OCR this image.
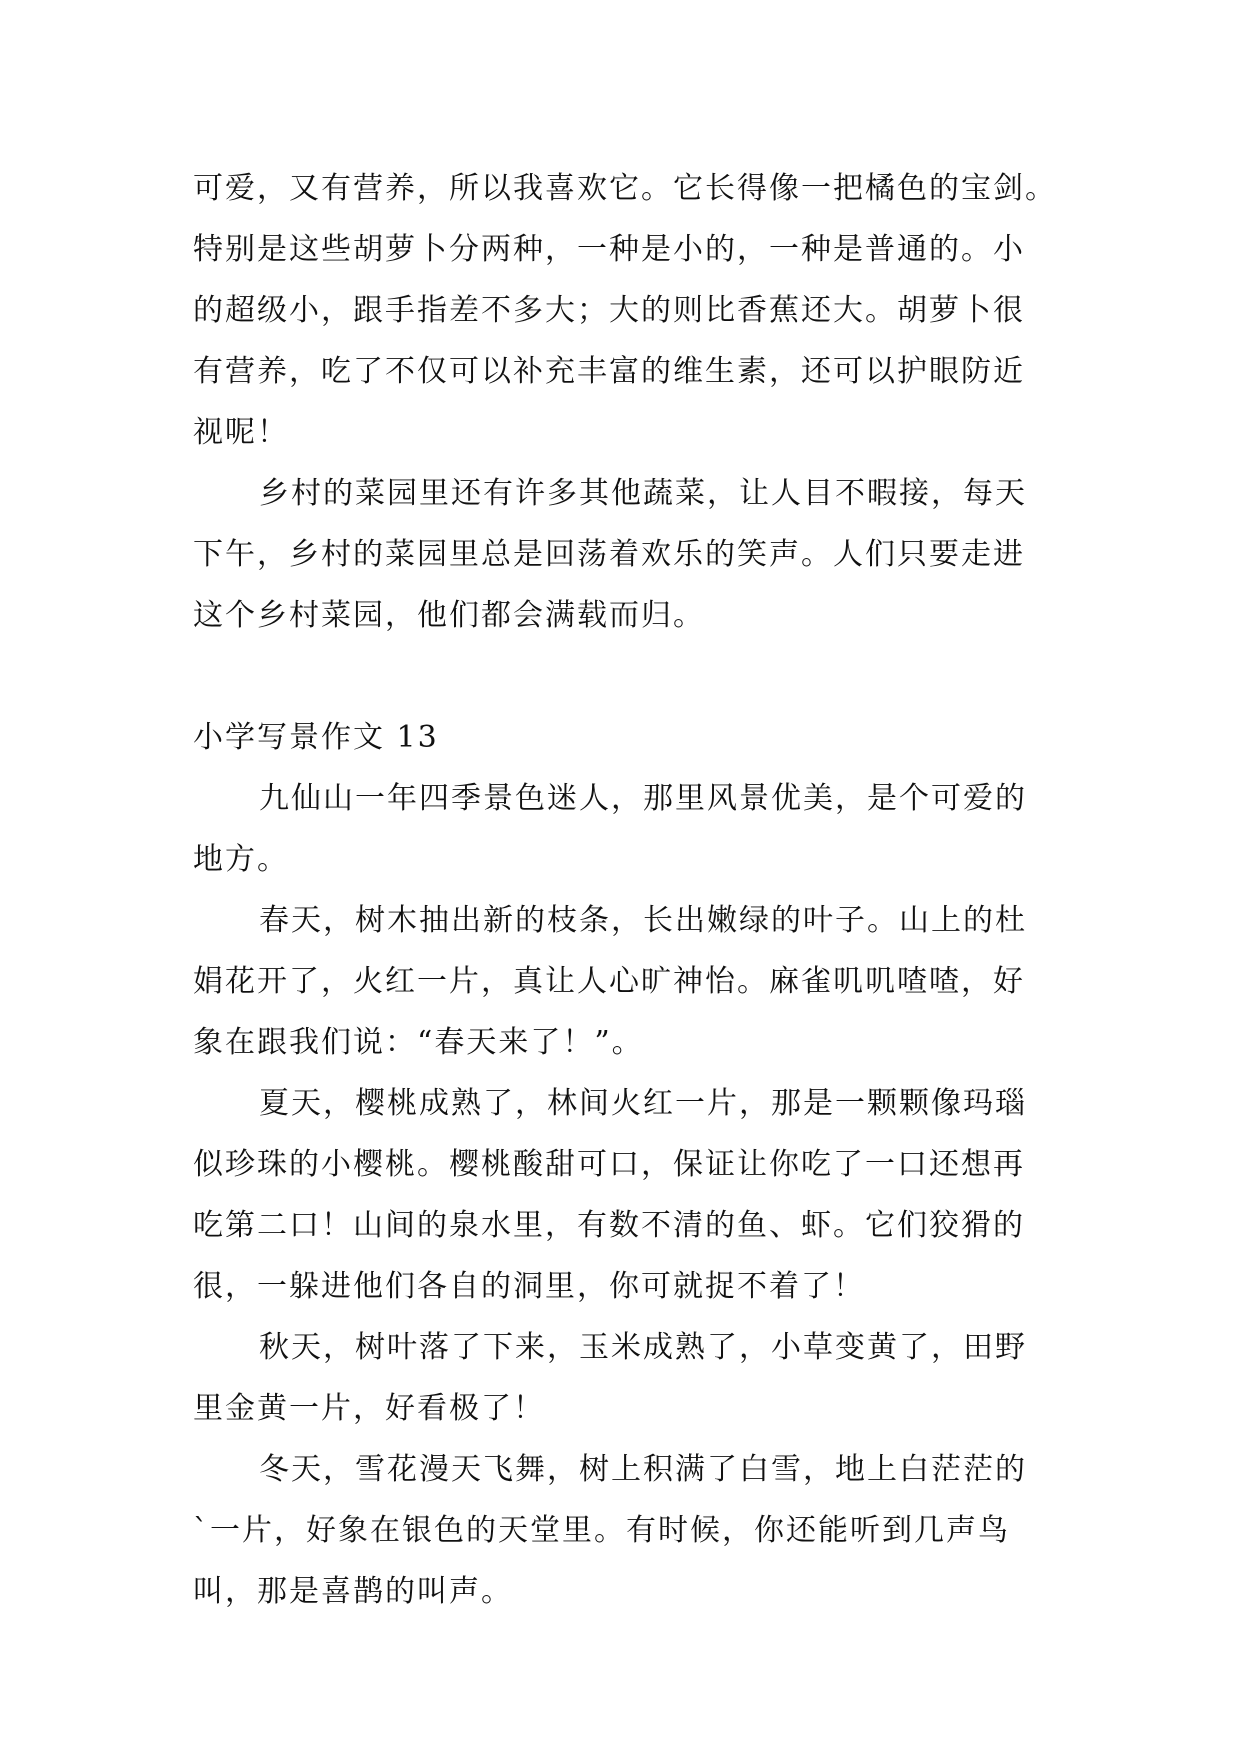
可爱，又有营养，所以我喜欢它。它长得像一把橘色的宝剑。
特别是这些胡萝卜分两种，一种是小的，一种是普通的。小
的超级小，跟手指差不多大；大的则比香蕉还大。胡萝卜很
有营养，吃了不仅可以补充丰富的维生素，还可以护眼防近
视呢！
乡村的菜园里还有许多其他蔬菜，让人目不暇接，每天
下午，乡村的菜园里总是回荡着欢乐的笑声。人们只要走进
这个乡村菜园，他们都会满载而归。
小学写景作文 13
九仙山一年四季景色迷人，那里风景优美，是个可爱的
地方。
春天，树木抽出新的枝条，长出嫩绿的叶子。山上的杜
娟花开了，火红一片，真让人心旷神怡。麻雀叽叽喳喳，好
象在跟我们说：“春天来了！”。
夏天，樱桃成熟了，林间火红一片，那是一颗颗像玛瑙
似珍珠的小樱桃。樱桃酸甜可口，保证让你吃了一口还想再
吃第二口！山间的泉水里，有数不清的鱼、虾。它们狡猾的
很，一躲进他们各自的洞里，你可就捉不着了！
秋天，树叶落了下来，玉米成熟了，小草变黄了，田野
里金黄一片，好看极了！
冬天，雪花漫天飞舞，树上积满了白雪，地上白茫茫的
`一片，好象在银色的天堂里。有时候，你还能听到几声鸟
叫，那是喜鹊的叫声。
